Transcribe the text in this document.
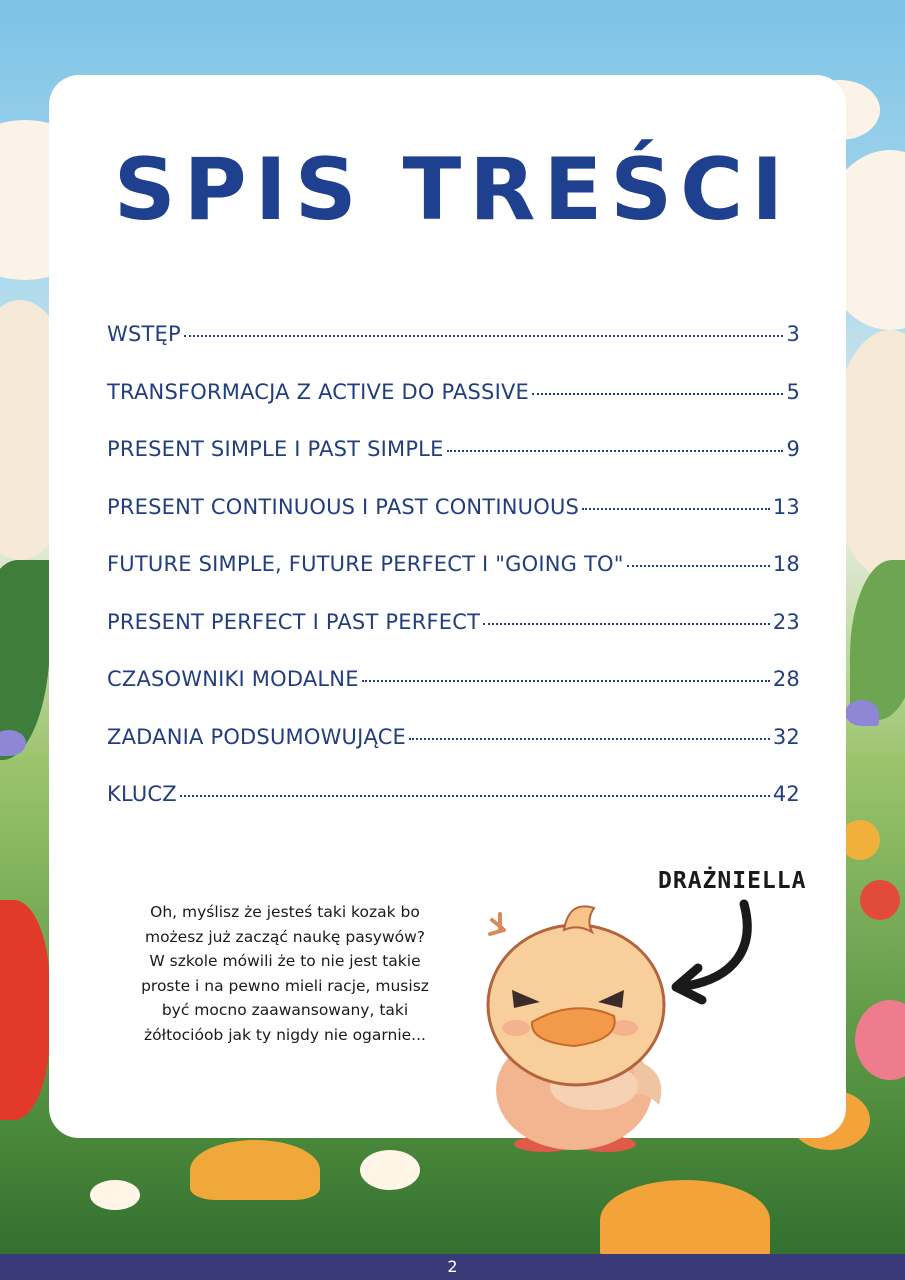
SPIS TREŚCI
WSTĘP	3
TRANSFORMACJA Z ACTIVE DO PASSIVE	5
PRESENT SIMPLE I PAST SIMPLE	9
PRESENT CONTINUOUS I PAST CONTINUOUS	13
FUTURE SIMPLE, FUTURE PERFECT I "GOING TO"	18
PRESENT PERFECT I PAST PERFECT	23
CZASOWNIKI MODALNE	28
ZADANIA PODSUMOWUJĄCE	32
KLUCZ	42
Oh, myślisz że jesteś taki kozak bo
możesz już zacząć naukę pasywów?
W szkole mówili że to nie jest takie
proste i na pewno mieli racje, musisz
być mocno zaawansowany, taki
żółtocióob jak ty nigdy nie ogarnie...
DRAŻNIELLA
2
